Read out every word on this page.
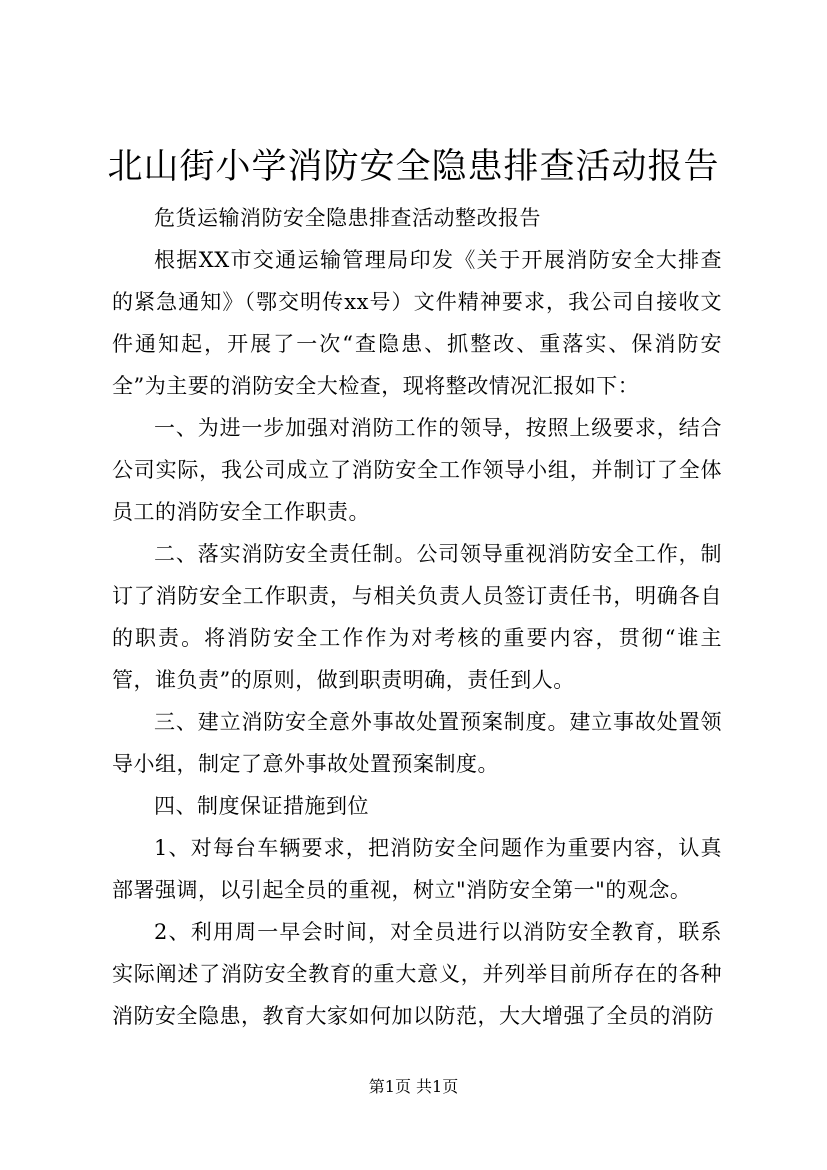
北山街小学消防安全隐患排查活动报告

危货运输消防安全隐患排查活动整改报告

根据XX市交通运输管理局印发《关于开展消防安全大排查的紧急通知》（鄂交明传xx号）文件精神要求，我公司自接收文件通知起，开展了一次“查隐患、抓整改、重落实、保消防安全”为主要的消防安全大检查，现将整改情况汇报如下：

一、为进一步加强对消防工作的领导，按照上级要求，结合公司实际，我公司成立了消防安全工作领导小组，并制订了全体员工的消防安全工作职责。

二、落实消防安全责任制。公司领导重视消防安全工作，制订了消防安全工作职责，与相关负责人员签订责任书，明确各自的职责。将消防安全工作作为对考核的重要内容，贯彻“谁主管，谁负责”的原则，做到职责明确，责任到人。

三、建立消防安全意外事故处置预案制度。建立事故处置领导小组，制定了意外事故处置预案制度。

四、制度保证措施到位

1、对每台车辆要求，把消防安全问题作为重要内容，认真部署强调，以引起全员的重视，树立"消防安全第一"的观念。

2、利用周一早会时间，对全员进行以消防安全教育，联系实际阐述了消防安全教育的重大意义，并列举目前所存在的各种消防安全隐患，教育大家如何加以防范，大大增强了全员的消防

第1页 共1页
